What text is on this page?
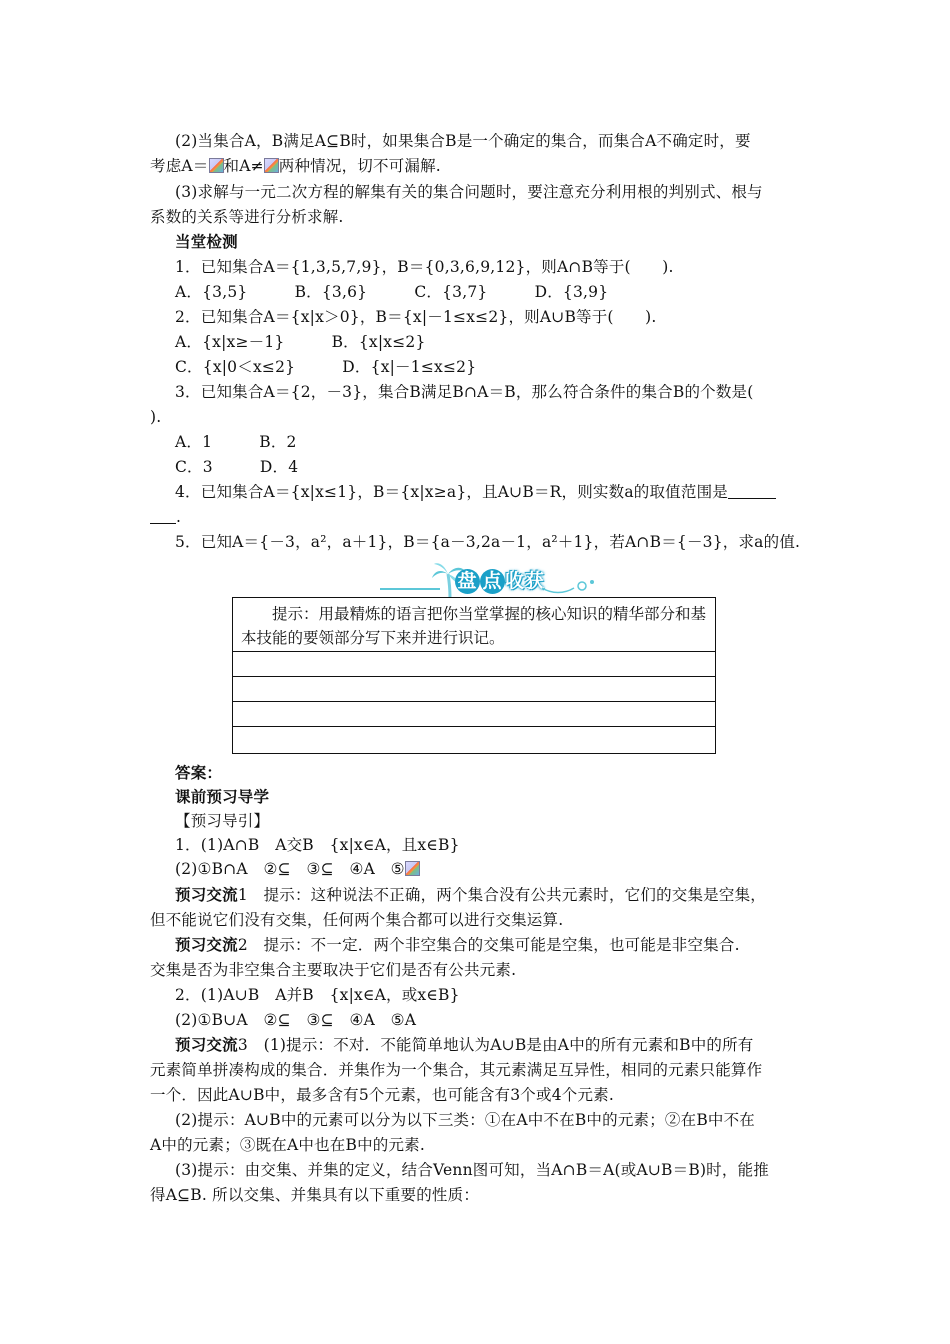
(2)当集合A，B满足A⊆B时，如果集合B是一个确定的集合，而集合A不确定时，要
考虑A＝ 和A≠ 两种情况，切不可漏解.
(3)求解与一元二次方程的解集有关的集合问题时，要注意充分利用根的判别式、根与
系数的关系等进行分析求解.
当堂检测
1．已知集合A＝{1,3,5,7,9}，B＝{0,3,6,9,12}，则A∩B等于(　　).
A．{3,5}　　　B．{3,6}　　　C．{3,7}　　　D．{3,9}
2．已知集合A＝{x|x＞0}，B＝{x|－1≤x≤2}，则A∪B等于(　　).
A．{x|x≥－1}　　　B．{x|x≤2}
C．{x|0＜x≤2}　　　D．{x|－1≤x≤2}
3．已知集合A＝{2，－3}，集合B满足B∩A＝B，那么符合条件的集合B的个数是(
).
A．1　　　B．2
C．3　　　D．4
4．已知集合A＝{x|x≤1}，B＝{x|x≥a}，且A∪B＝R，则实数a的取值范围是
.
5．已知A＝{－3，a²，a＋1}，B＝{a－3,2a－1，a²＋1}，若A∩B＝{－3}，求a的值.
盘 点 收获
　　提示：用最精炼的语言把你当堂掌握的核心知识的精华部分和基本技能的要领部分写下来并进行识记。
答案：
课前预习导学
【预习导引】
1．(1)A∩B　A交B　{x|x∈A，且x∈B}
(2)①B∩A　②⊆　③⊆　④A　⑤
预习交流1　提示：这种说法不正确，两个集合没有公共元素时，它们的交集是空集，
但不能说它们没有交集，任何两个集合都可以进行交集运算.
预习交流2　提示：不一定．两个非空集合的交集可能是空集，也可能是非空集合.
交集是否为非空集合主要取决于它们是否有公共元素.
2．(1)A∪B　A并B　{x|x∈A，或x∈B}
(2)①B∪A　②⊆　③⊆　④A　⑤A
预习交流3　(1)提示：不对．不能简单地认为A∪B是由A中的所有元素和B中的所有
元素简单拼凑构成的集合．并集作为一个集合，其元素满足互异性，相同的元素只能算作
一个．因此A∪B中，最多含有5个元素，也可能含有3个或4个元素.
(2)提示：A∪B中的元素可以分为以下三类：①在A中不在B中的元素；②在B中不在
A中的元素；③既在A中也在B中的元素.
(3)提示：由交集、并集的定义，结合Venn图可知，当A∩B＝A(或A∪B＝B)时，能推
得A⊆B. 所以交集、并集具有以下重要的性质：
